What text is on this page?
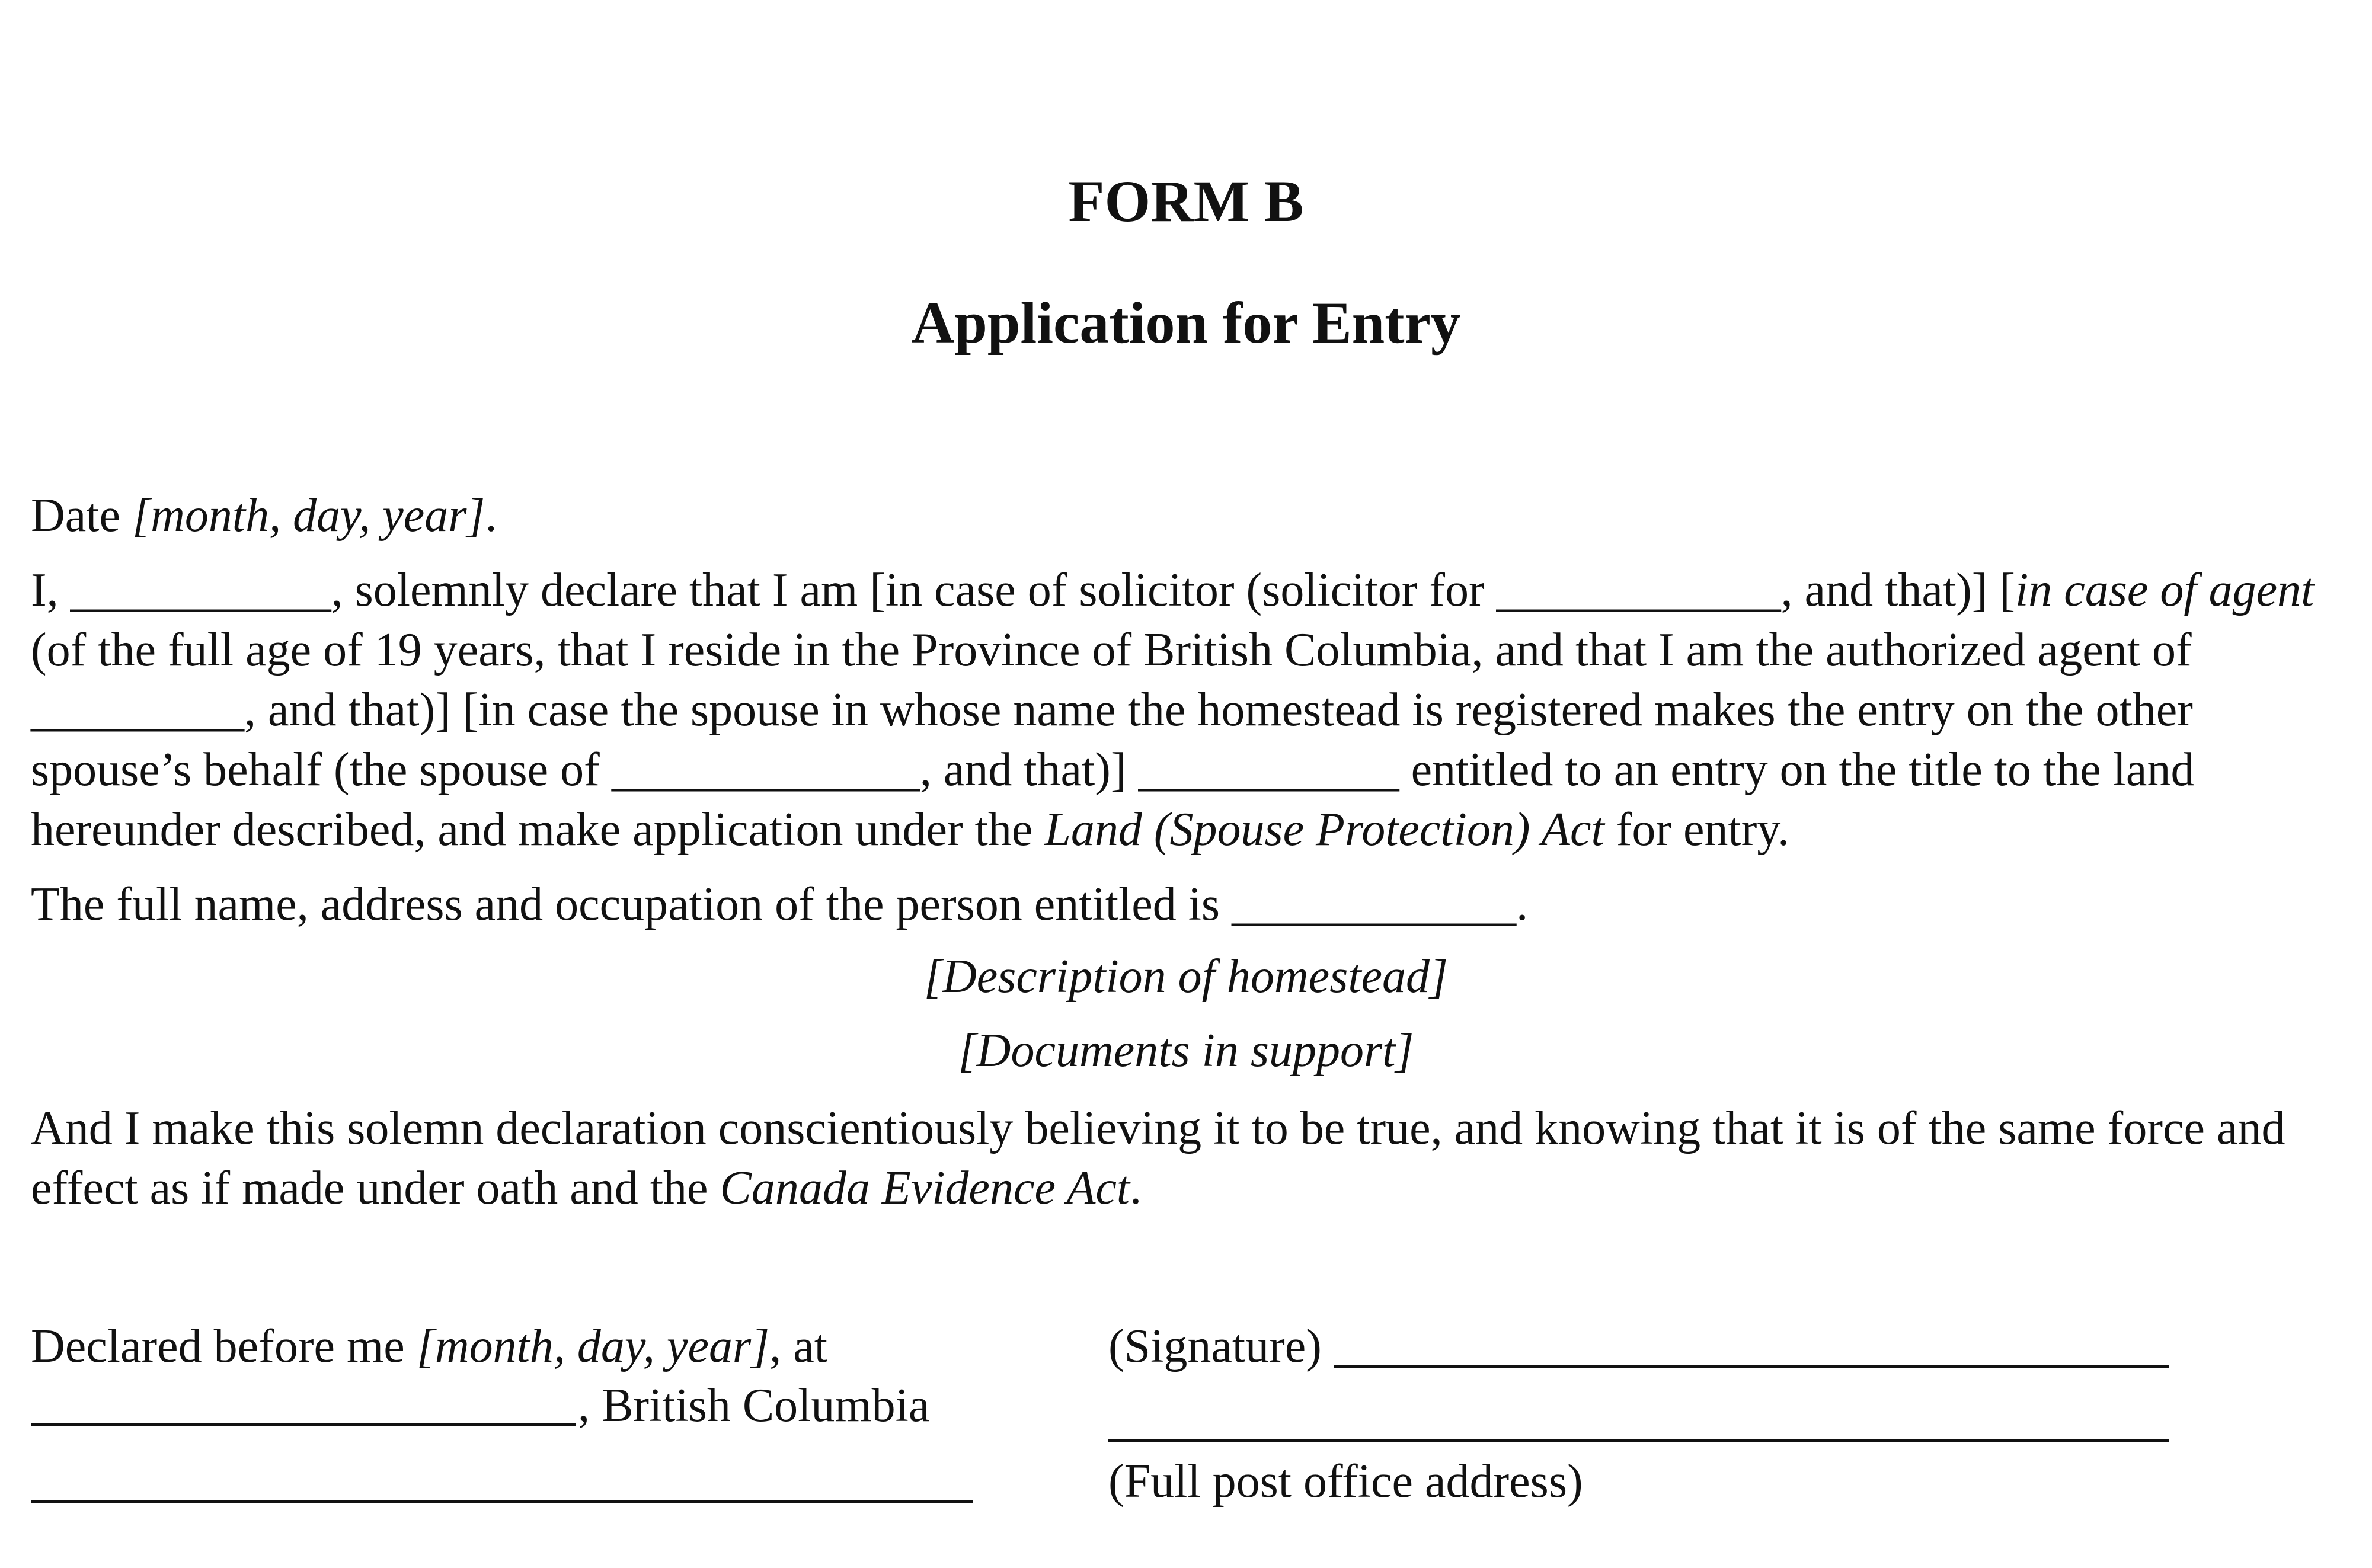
FORM B
Application for Entry
Date [month, day, year].
I, ___________, solemnly declare that I am [in case of solicitor (solicitor for ____________, and that)] [in case of agent
(of the full age of 19 years, that I reside in the Province of British Columbia, and that I am the authorized agent of
_________, and that)] [in case the spouse in whose name the homestead is registered makes the entry on the other
spouse’s behalf (the spouse of _____________, and that)] ___________ entitled to an entry on the title to the land
hereunder described, and make application under the Land (Spouse Protection) Act for entry.
The full name, address and occupation of the person entitled is ____________.
[Description of homestead]
[Documents in support]
And I make this solemn declaration conscientiously believing it to be true, and knowing that it is of the same force and
effect as if made under oath and the Canada Evidence Act.
Declared before me [month, day, year], at
, British Columbia
(Signature)
(Full post office address)
